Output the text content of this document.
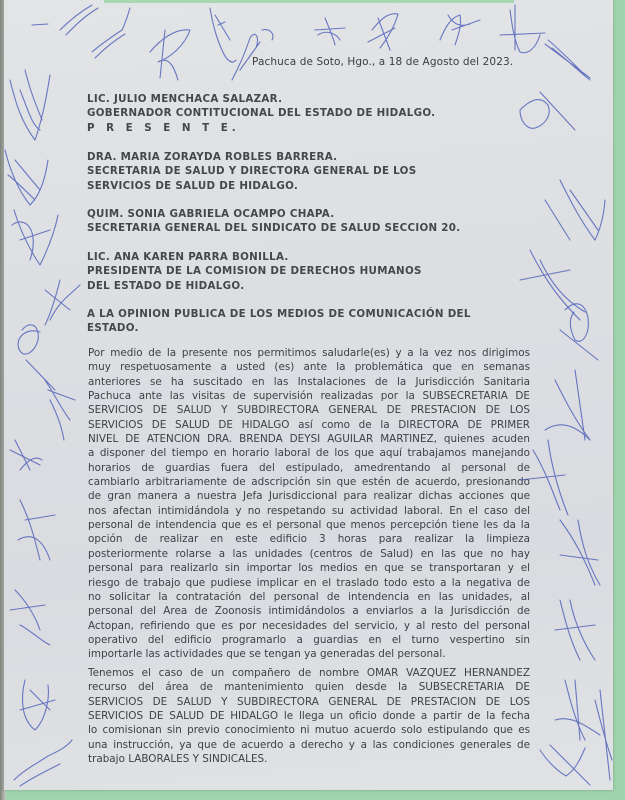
Pachuca de Soto, Hgo., a 18 de Agosto del 2023.
LIC. JULIO MENCHACA SALAZAR.
GOBERNADOR CONTITUCIONAL DEL ESTADO DE HIDALGO.
P R E S E N T E.
DRA. MARIA ZORAYDA ROBLES BARRERA.
SECRETARIA DE SALUD Y DIRECTORA GENERAL DE LOS
SERVICIOS DE SALUD DE HIDALGO.
QUIM. SONIA GABRIELA OCAMPO CHAPA.
SECRETARIA GENERAL DEL SINDICATO DE SALUD SECCION 20.
LIC. ANA KAREN PARRA BONILLA.
PRESIDENTA DE LA COMISION DE DERECHOS HUMANOS
DEL ESTADO DE HIDALGO.
A LA OPINION PUBLICA DE LOS MEDIOS DE COMUNICACIÓN DEL
ESTADO.
Por medio de la presente nos permitimos saludarle(es) y a la vez nos dirigimos
muy respetuosamente a usted (es) ante la problemática que en semanas
anteriores se ha suscitado en las Instalaciones de la Jurisdicción Sanitaria
Pachuca ante las visitas de supervisión realizadas por la SUBSECRETARIA DE
SERVICIOS DE SALUD Y SUBDIRECTORA GENERAL DE PRESTACION DE LOS
SERVICIOS DE SALUD DE HIDALGO así como de la DIRECTORA DE PRIMER
NIVEL DE ATENCION DRA. BRENDA DEYSI AGUILAR MARTINEZ, quienes acuden
a disponer del tiempo en horario laboral de los que aquí trabajamos manejando
horarios de guardias fuera del estipulado, amedrentando al personal de
cambiarlo arbitrariamente de adscripción sin que estén de acuerdo, presionando
de gran manera a nuestra Jefa Jurisdiccional para realizar dichas acciones que
nos afectan intimidándola y no respetando su actividad laboral. En el caso del
personal de intendencia que es el personal que menos percepción tiene les da la
opción de realizar en este edificio 3 horas para realizar la limpieza
posteriormente rolarse a las unidades (centros de Salud) en las que no hay
personal para realizarlo sin importar los medios en que se transportaran y el
riesgo de trabajo que pudiese implicar en el traslado todo esto a la negativa de
no solicitar la contratación del personal de intendencia en las unidades, al
personal del Area de Zoonosis intimidándolos a enviarlos a la Jurisdicción de
Actopan, refiriendo que es por necesidades del servicio, y al resto del personal
operativo del edificio programarlo a guardias en el turno vespertino sin
importarle las actividades que se tengan ya generadas del personal.
Tenemos el caso de un compañero de nombre OMAR VAZQUEZ HERNANDEZ
recurso del área de mantenimiento quien desde la SUBSECRETARIA DE
SERVICIOS DE SALUD Y SUBDIRECTORA GENERAL DE PRESTACION DE LOS
SERVICIOS DE SALUD DE HIDALGO le llega un oficio donde a partir de la fecha
lo comisionan sin previo conocimiento ni mutuo acuerdo solo estipulando que es
una instrucción, ya que de acuerdo a derecho y a las condiciones generales de
trabajo LABORALES Y SINDICALES.
